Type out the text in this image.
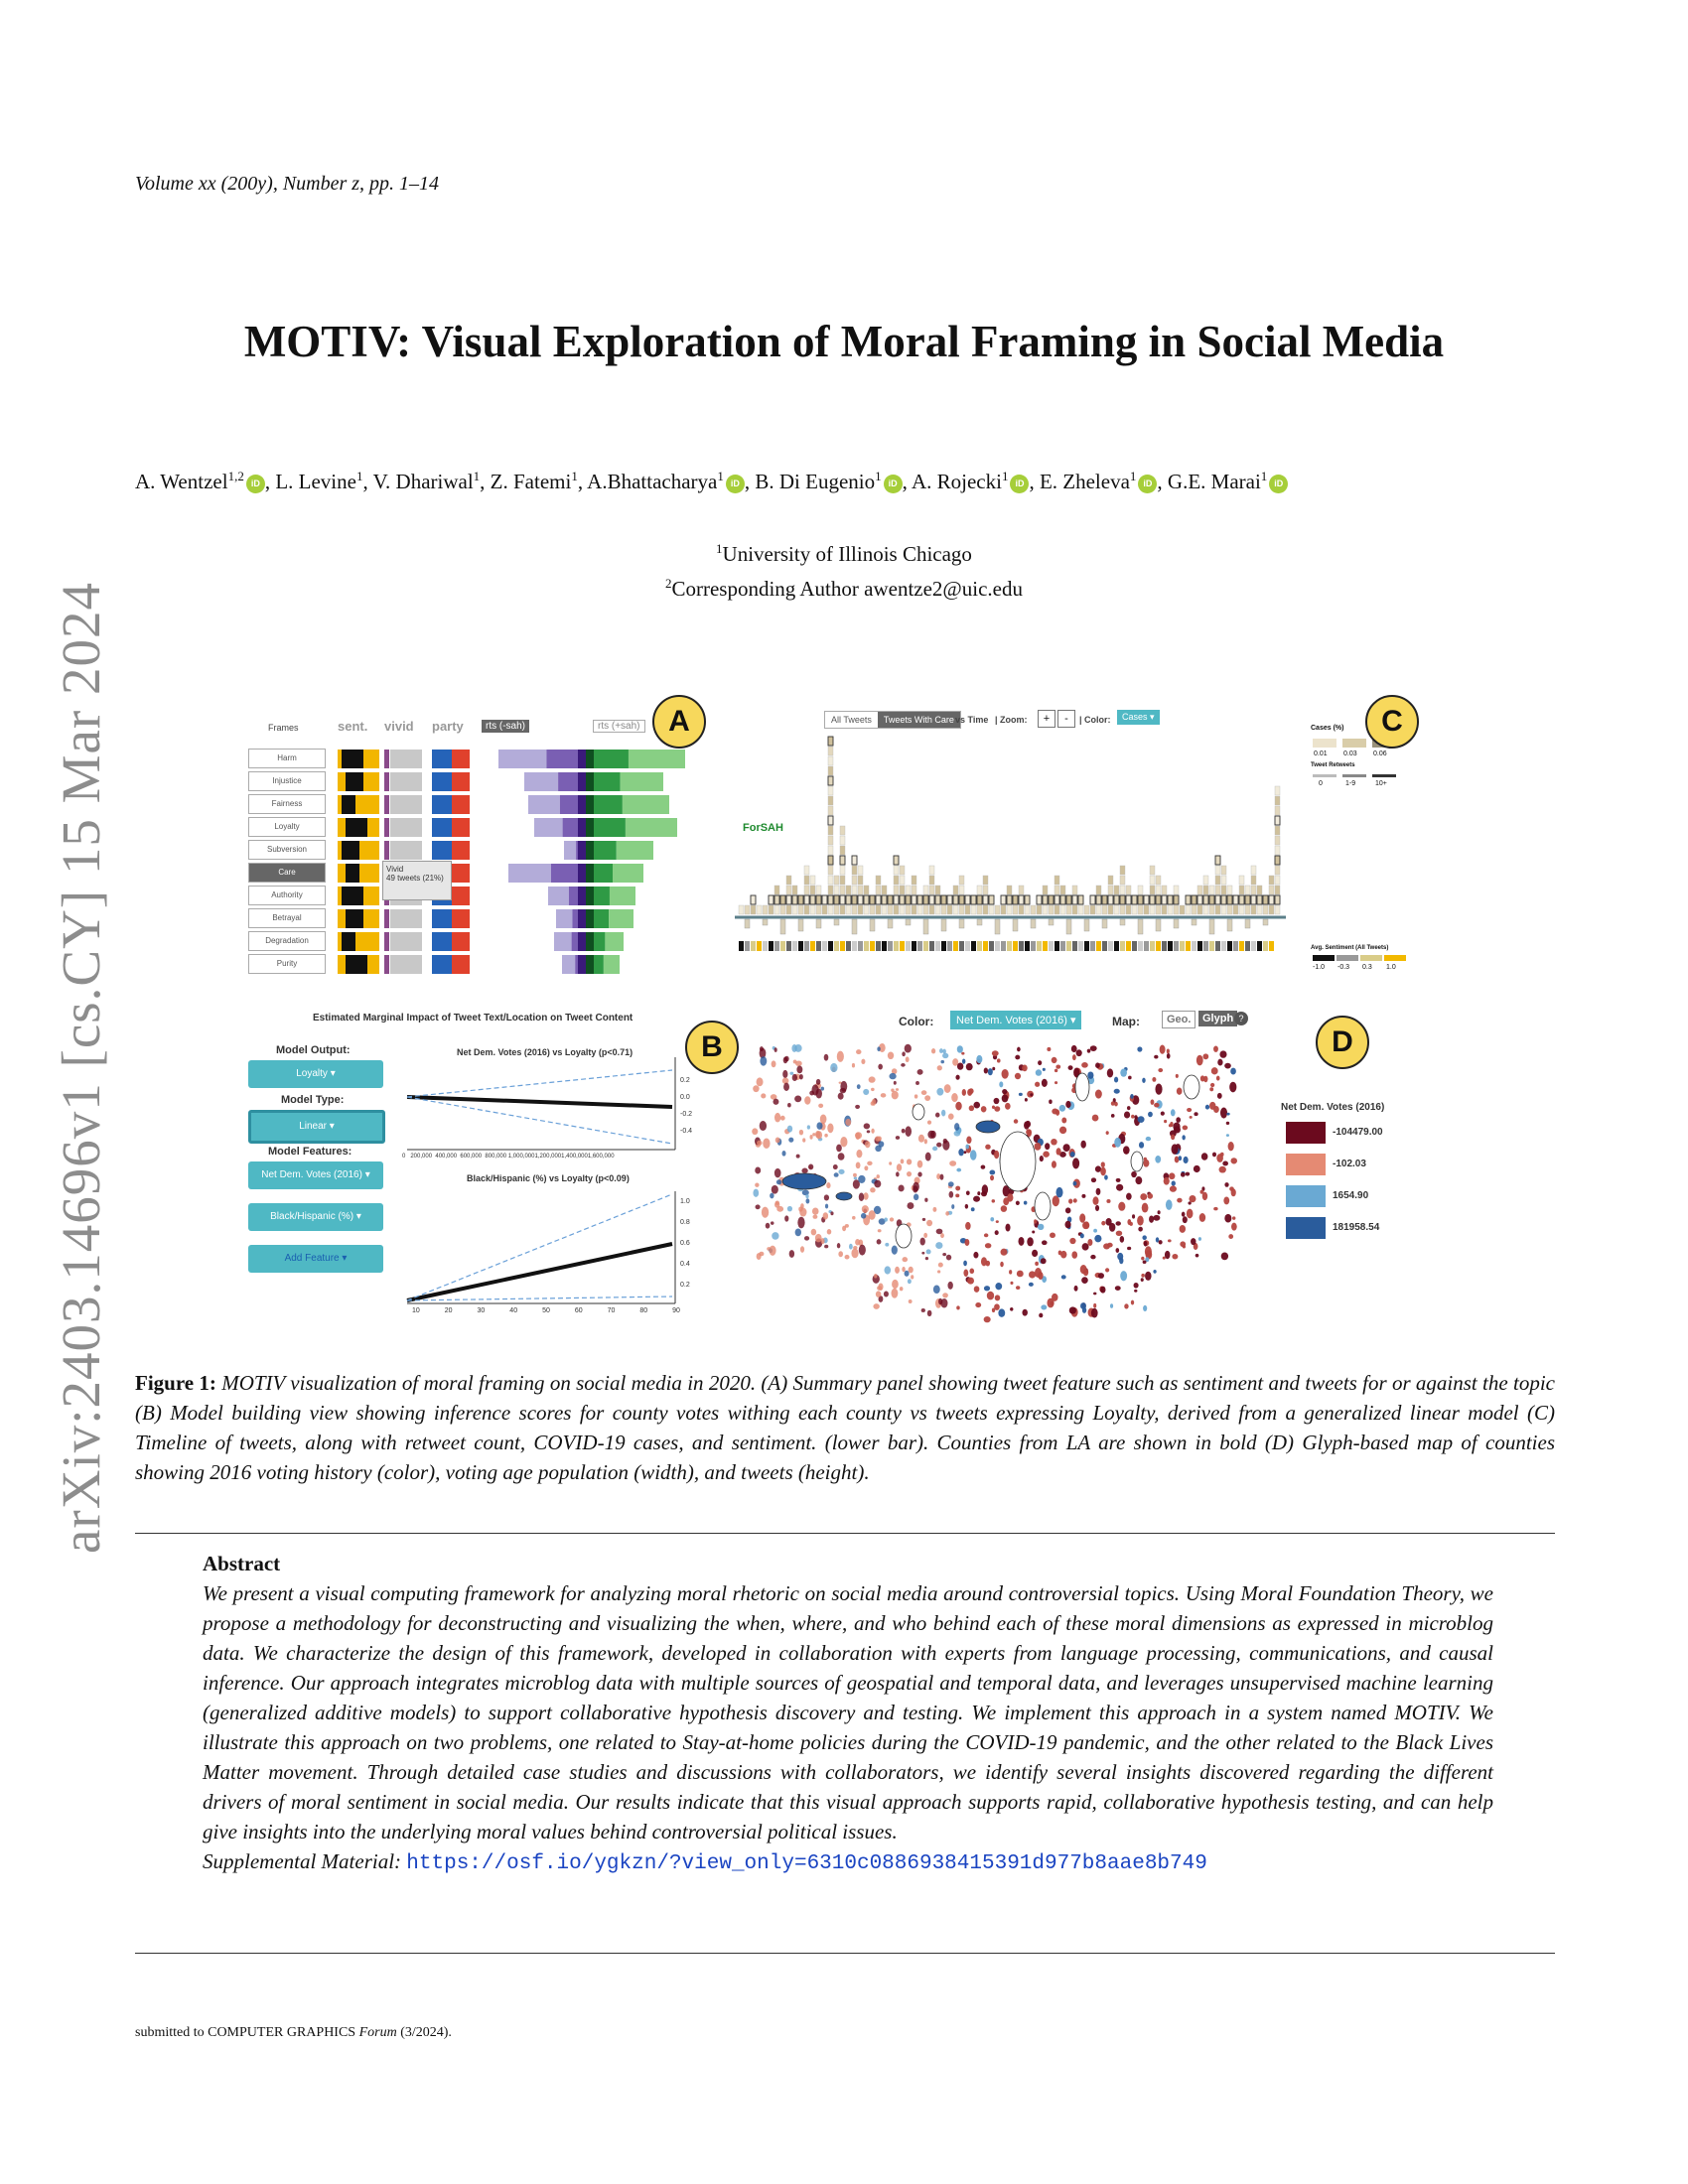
Volume xx (200y), Number z, pp. 1–14
MOTIV: Visual Exploration of Moral Framing in Social Media
A. Wentzel$^{1,2}$ iD , L. Levine$^1$, V. Dhariwal$^1$, Z. Fatemi$^1$, A.Bhattacharya$^1$ iD , B. Di Eugenio$^1$ iD , A. Rojecki$^1$ iD , E. Zheleva$^1$ iD , G.E. Marai$^1$ iD
$^1$University of Illinois Chicago
$^2$Corresponding Author awentze2@uic.edu
arXiv:2403.14696v1 [cs.CY] 15 Mar 2024	Frames	sent. vivid party	rts (-sah)	rts (+sah)
Harm
Injustice
Fairness
Loyalty
Subversion
Care
Authority
Betrayal
Degradation
Purity
Vivid
49 tweets (21%)
A	All Tweets	Tweets With Care vs Time | Zoom:	+	-	| Color:	Cases ▾
ForSAH
Cases (%)
0.01 0.03 0.06
Tweet Retweets
0	1-9	10+
Avg. Sentiment (All Tweets)
-1.0 -0.3 0.3 1.0
C
Estimated Marginal Impact of Tweet Text/Location on Tweet Content
Model Output:
Loyalty ▾
Model Type:
Linear ▾
Model Features:
Net Dem. Votes (2016) ▾
Black/Hispanic (%) ▾
Add Feature ▾
Net Dem. Votes (2016) vs Loyalty (p<0.71)
0.2
0.0
-0.2
-0.4
0   200,000  400,000  600,000  800,000 1,000,0001,200,0001,400,0001,600,000
Black/Hispanic (%) vs Loyalty (p<0.09)
1.0
0.8
0.6
0.4
0.2
10	20	30	40	50	60	70	80	90
B
Color:	Net Dem. Votes (2016) ▾	Map:	Geo.	Glyph ?
Net Dem. Votes (2016)
-104479.00
-102.03
1654.90
181958.54
D
Figure 1: MOTIV visualization of moral framing on social media in 2020. (A) Summary panel showing tweet feature such as sentiment and tweets for or against the topic (B) Model building view showing inference scores for county votes withing each county vs tweets expressing Loyalty, derived from a generalized linear model (C) Timeline of tweets, along with retweet count, COVID-19 cases, and sentiment. (lower bar). Counties from LA are shown in bold (D) Glyph-based map of counties showing 2016 voting history (color), voting age population (width), and tweets (height).
Abstract
We present a visual computing framework for analyzing moral rhetoric on social media around controversial topics. Using Moral Foundation Theory, we propose a methodology for deconstructing and visualizing the when, where, and who behind each of these moral dimensions as expressed in microblog data. We characterize the design of this framework, developed in collaboration with experts from language processing, communications, and causal inference. Our approach integrates microblog data with multiple sources of geospatial and temporal data, and leverages unsupervised machine learning (generalized additive models) to support collaborative hypothesis discovery and testing. We implement this approach in a system named MOTIV. We illustrate this approach on two problems, one related to Stay-at-home policies during the COVID-19 pandemic, and the other related to the Black Lives Matter movement. Through detailed case studies and discussions with collaborators, we identify several insights discovered regarding the different drivers of moral sentiment in social media. Our results indicate that this visual approach supports rapid, collaborative hypothesis testing, and can help give insights into the underlying moral values behind controversial political issues.
Supplemental Material: https://osf.io/ygkzn/?view_only=6310c0886938415391d977b8aae8b749
submitted to COMPUTER GRAPHICS Forum (3/2024).
